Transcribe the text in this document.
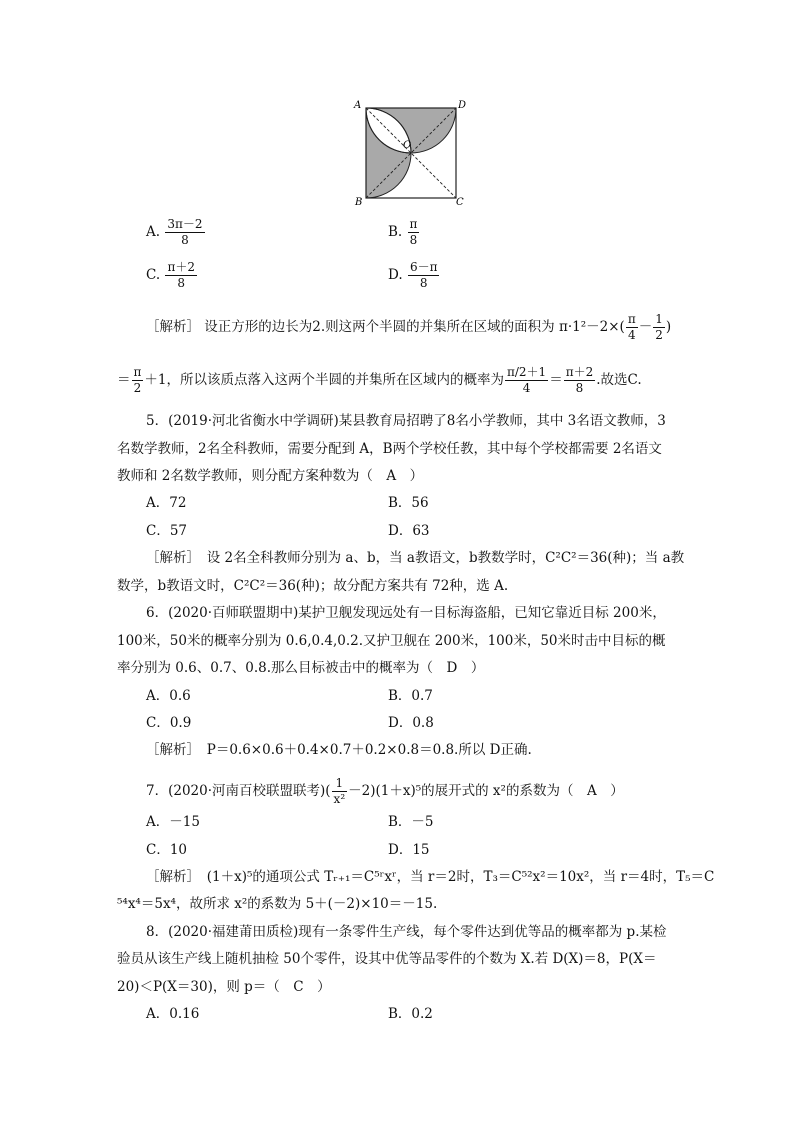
A	D
B	C
O
A. $\frac{3\pi-2}{8}$	B. $\frac{\pi}{8}$
C. $\frac{\pi+2}{8}$	D. $\frac{6-\pi}{8}$
［解析］ 设正方形的边长为2.则这两个半圆的并集所在区域的面积为 $\pi\cdot 1^2-2\times( \frac{\pi}{4} - \frac{1}{2}$ )
＝ $\frac{\pi}{2} +1$，所以该质点落入这两个半圆的并集所在区域内的概率为 $\frac{\pi/2+1}{4} = \frac{\pi+2}{8}$ .故选C.
5．(2019·河北省衡水中学调研)某县教育局招聘了8名小学教师，其中 3名语文教师，3
名数学教师，2名全科教师，需要分配到 A，B两个学校任教，其中每个学校都需要 2名语文
教师和 2名数学教师，则分配方案种数为（　A　）
A．72	B．56
C．57	D．63
［解析］　设 2名全科教师分别为 a、b，当 a教语文，b教数学时，C²C²＝36(种)；当 a教
数学，b教语文时，C²C²＝36(种)；故分配方案共有 72种，选 A.
6．(2020·百师联盟期中)某护卫舰发现远处有一目标海盗船，已知它靠近目标 200米，
100米，50米的概率分别为 0.6,0.4,0.2.又护卫舰在 200米，100米，50米时击中目标的概
率分别为 0.6、0.7、0.8.那么目标被击中的概率为（　D　）
A．0.6	B．0.7
C．0.9	D．0.8
［解析］　P＝0.6×0.6＋0.4×0.7＋0.2×0.8＝0.8.所以 D正确.
7．(2020·河南百校联盟联考)( $\frac{1}{\text{x²}} -2)(1+x)^5$的展开式的 x²的系数为（　A　）
A．－15	B．－5
C．10	D．15
［解析］　(1＋x)⁵的通项公式 Tᵣ₊₁＝C⁵ʳxʳ，当 r＝2时，T₃＝C⁵²x²＝10x²，当 r＝4时，T₅＝C
⁵⁴x⁴＝5x⁴，故所求 x²的系数为 5＋(－2)×10＝－15.
8．(2020·福建莆田质检)现有一条零件生产线，每个零件达到优等品的概率都为 p.某检
验员从该生产线上随机抽检 50个零件，设其中优等品零件的个数为 X.若 D(X)＝8，P(X＝
20)＜P(X＝30)，则 p＝（　C　）
A．0.16	B．0.2
